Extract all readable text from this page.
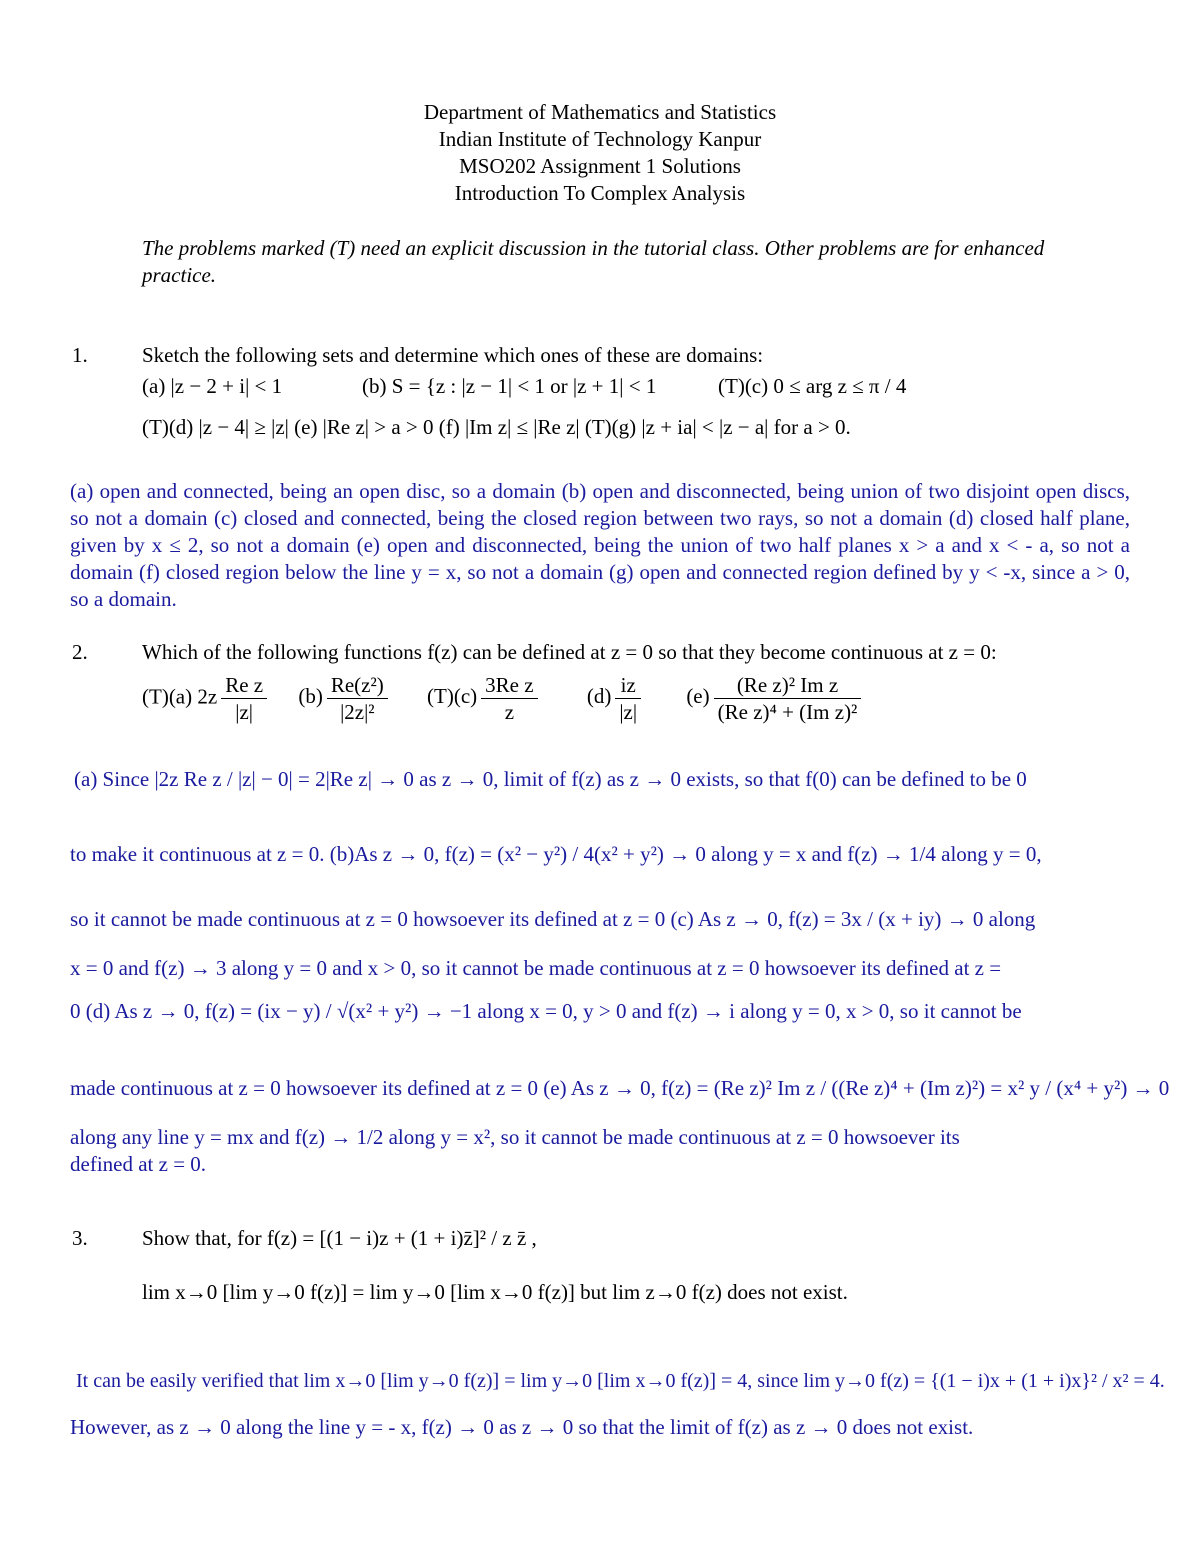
Department of Mathematics and Statistics
Indian Institute of Technology Kanpur
MSO202 Assignment 1 Solutions
Introduction To Complex Analysis
The problems marked (T) need an explicit discussion in the tutorial class. Other problems are for enhanced practice.
1.	Sketch the following sets and determine which ones of these are domains:
(a) |z − 2 + i| < 1	(b) S = {z : |z − 1| < 1 or |z + 1| < 1	(T)(c) 0 ≤ arg z ≤ π / 4
(T)(d) |z − 4| ≥ |z| (e) |Re z| > a > 0 (f) |Im z| ≤ |Re z| (T)(g) |z + ia| < |z − a| for a > 0.
(a) open and connected, being an open disc, so a domain (b) open and disconnected, being union of two disjoint open discs, so not a domain (c) closed and connected, being the closed region between two rays, so not a domain (d) closed half plane, given by x ≤ 2, so not a domain (e) open and disconnected, being the union of two half planes x > a and x < - a, so not a domain (f) closed region below the line y = x, so not a domain (g) open and connected region defined by y < -x, since a > 0, so a domain.
2.	Which of the following functions f(z) can be defined at z = 0 so that they become continuous at z = 0:
(T)(a) $2z \frac{\text{Re z}}{|z|} (b) \frac{\text{Re(z²)}}{\text{|2z|²}} (T)(c) \frac{\text{3Re z}}{z} (d) \frac{iz}{|z|} (e) \frac{\text{(Re z)² Im z}}{\text{(Re z)⁴ + (Im z)²}}$
(a) Since |2z Re z / |z| − 0| = 2|Re z| → 0 as z → 0, limit of f(z) as z → 0 exists, so that f(0) can be defined to be 0
to make it continuous at z = 0. (b)As z → 0, f(z) = (x² − y²) / 4(x² + y²) → 0 along y = x and f(z) → 1/4 along y = 0,
so it cannot be made continuous at z = 0 howsoever its defined at z = 0 (c) As z → 0, f(z) = 3x / (x + iy) → 0 along
x = 0 and f(z) → 3 along y = 0 and x > 0, so it cannot be made continuous at z = 0 howsoever its defined at z =
0 (d) As z → 0, f(z) = (ix − y) / √(x² + y²) → −1 along x = 0, y > 0 and f(z) → i along y = 0, x > 0, so it cannot be
made continuous at z = 0 howsoever its defined at z = 0 (e) As z → 0, f(z) = (Re z)² Im z / ((Re z)⁴ + (Im z)²) = x² y / (x⁴ + y²) → 0
along any line y = mx and f(z) → 1/2 along y = x², so it cannot be made continuous at z = 0 howsoever its
defined at z = 0.
3.	Show that, for f(z) = [(1 − i)z + (1 + i)z̄]² / z z̄ ,
lim x→0 [lim y→0 f(z)] = lim y→0 [lim x→0 f(z)] but lim z→0 f(z) does not exist.
It can be easily verified that lim x→0 [lim y→0 f(z)] = lim y→0 [lim x→0 f(z)] = 4, since lim y→0 f(z) = {(1 − i)x + (1 + i)x}² / x² = 4.
However, as z → 0 along the line y = - x, f(z) → 0 as z → 0 so that the limit of f(z) as z → 0 does not exist.
